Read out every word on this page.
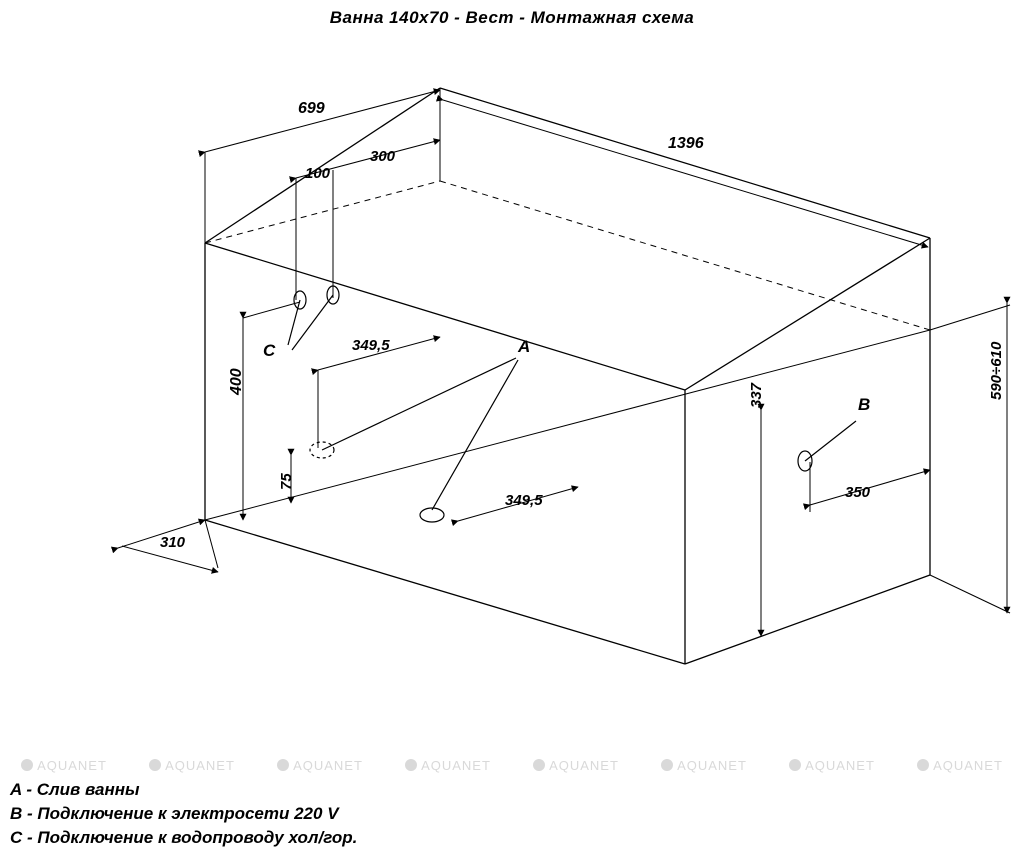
Ванна 140х70 - Вест - Монтажная схема
699
100
300
1396
400
75
349,5
349,5
310
337
350
590÷610
C	A
B
AQUANET	AQUANET	AQUANET	AQUANET	AQUANET	AQUANET	AQUANET	AQUANET
A - Слив ванны
B - Подключение к электросети 220 V
C - Подключение к водопроводу хол/гор.
